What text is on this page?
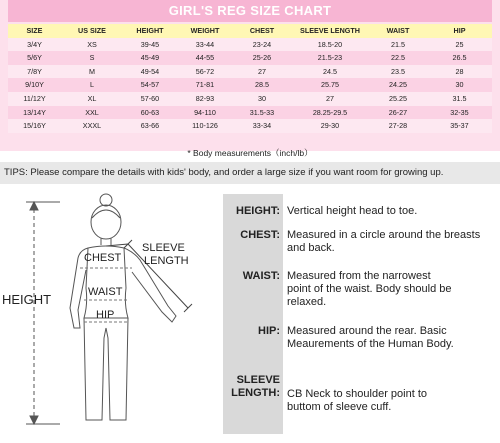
GIRL'S REG SIZE CHART
SIZE	US SIZE	HEIGHT	WEIGHT	CHEST	SLEEVE LENGTH	WAIST	HIP
3/4Y	XS	39-45	33-44	23-24	18.5-20	21.5	25
5/6Y	S	45-49	44-55	25-26	21.5-23	22.5	26.5
7/8Y	M	49-54	56-72	27	24.5	23.5	28
9/10Y	L	54-57	71-81	28.5	25.75	24.25	30
11/12Y	XL	57-60	82-93	30	27	25.25	31.5
13/14Y	XXL	60-63	94-110	31.5-33	28.25-29.5	26-27	32-35
15/16Y	XXXL	63-66	110-126	33-34	29-30	27-28	35-37
* Body measurements（inch/lb）
TIPS: Please compare the details with kids' body, and order a large size if you want room for growing up.
HEIGHT
CHEST
WAIST
HIP
SLEEVE
LENGTH
HEIGHT: Vertical height head to toe.
CHEST: Measured in a circle around the breasts and back.
WAIST: Measured from the narrowest point of the waist. Body should be relaxed.
HIP: Measured around the rear. Basic Meaurements of the Human Body.
SLEEVE LENGTH: CB Neck to shoulder point to buttom of sleeve cuff.
